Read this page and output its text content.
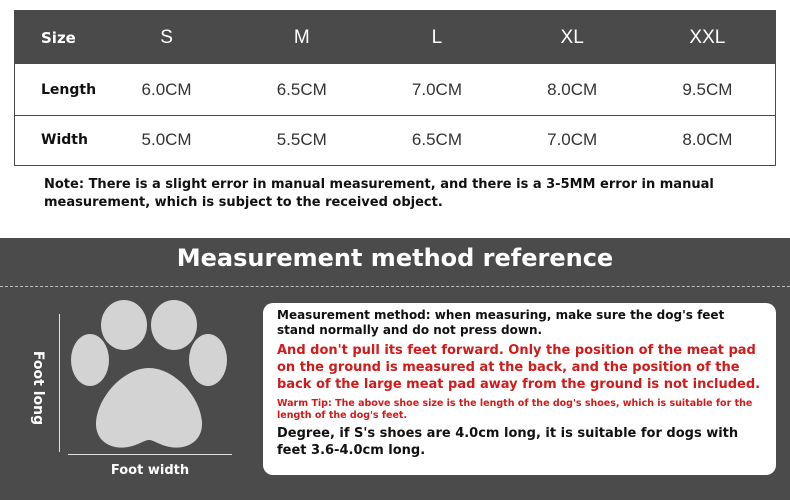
Size	S	M	L	XL	XXL
Length	6.0CM	6.5CM	7.0CM	8.0CM	9.5CM
Width	5.0CM	5.5CM	6.5CM	7.0CM	8.0CM
Note: There is a slight error in manual measurement, and there is a 3-5MM error in manual measurement, which is subject to the received object.
Measurement method reference
Foot long
Foot width

Measurement method: when measuring, make sure the dog's feet stand normally and do not press down.

And don't pull its feet forward. Only the position of the meat pad on the ground is measured at the back, and the position of the back of the large meat pad away from the ground is not included.

Warm Tip: The above shoe size is the length of the dog's shoes, which is suitable for the length of the dog's feet.

Degree, if S's shoes are 4.0cm long, it is suitable for dogs with feet 3.6-4.0cm long.
